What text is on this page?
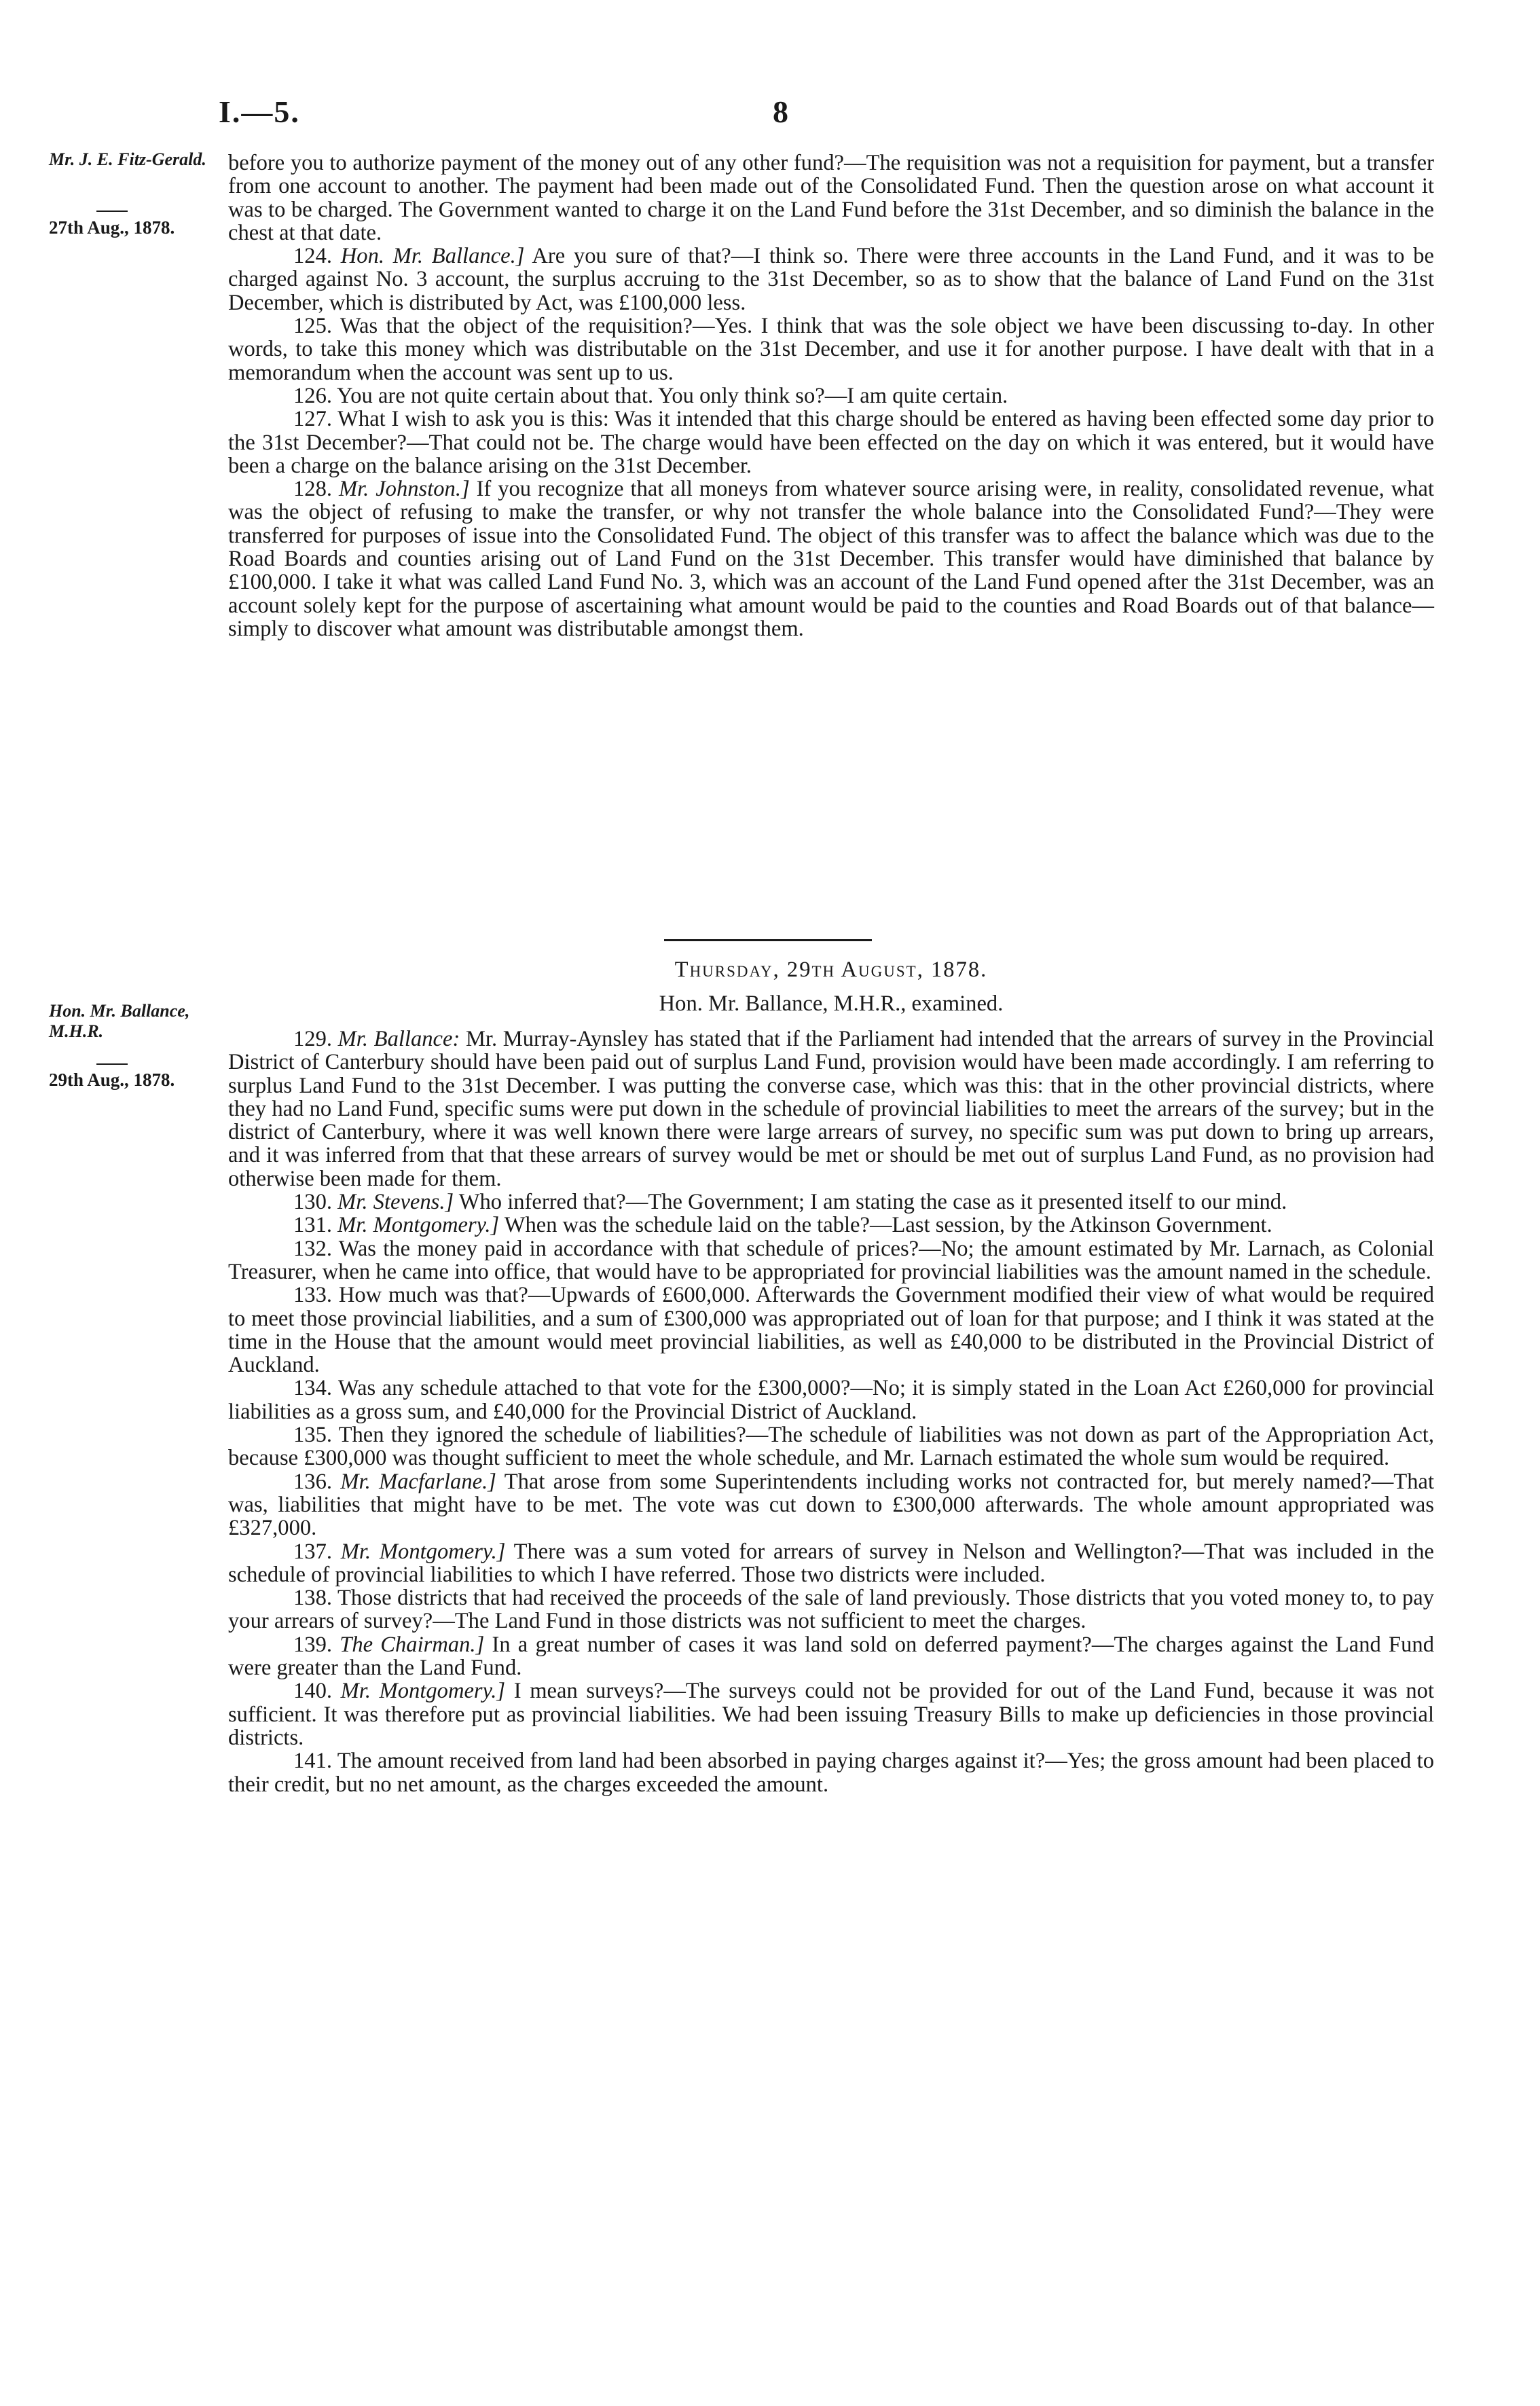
I.—5.	8
Mr. J. E. Fitz-Gerald.
27th Aug., 1878.
Hon. Mr. Ballance, M.H.R.
29th Aug., 1878.

before you to authorize payment of the money out of any other fund?—The requisition was not a requisition for payment, but a transfer from one account to another. The payment had been made out of the Consolidated Fund. Then the question arose on what account it was to be charged. The Government wanted to charge it on the Land Fund before the 31st December, and so diminish the balance in the chest at that date.

124. Hon. Mr. Ballance.] Are you sure of that?—I think so. There were three accounts in the Land Fund, and it was to be charged against No. 3 account, the surplus accruing to the 31st December, so as to show that the balance of Land Fund on the 31st December, which is distributed by Act, was £100,000 less.

125. Was that the object of the requisition?—Yes. I think that was the sole object we have been discussing to-day. In other words, to take this money which was distributable on the 31st December, and use it for another purpose. I have dealt with that in a memorandum when the account was sent up to us.

126. You are not quite certain about that. You only think so?—I am quite certain.

127. What I wish to ask you is this: Was it intended that this charge should be entered as having been effected some day prior to the 31st December?—That could not be. The charge would have been effected on the day on which it was entered, but it would have been a charge on the balance arising on the 31st December.

128. Mr. Johnston.] If you recognize that all moneys from whatever source arising were, in reality, consolidated revenue, what was the object of refusing to make the transfer, or why not transfer the whole balance into the Consolidated Fund?—They were transferred for purposes of issue into the Consolidated Fund. The object of this transfer was to affect the balance which was due to the Road Boards and counties arising out of Land Fund on the 31st December. This transfer would have diminished that balance by £100,000. I take it what was called Land Fund No. 3, which was an account of the Land Fund opened after the 31st December, was an account solely kept for the purpose of ascertaining what amount would be paid to the counties and Road Boards out of that balance—simply to discover what amount was distributable amongst them.

Thursday, 29th August, 1878.
Hon. Mr. Ballance, M.H.R., examined.

129. Mr. Ballance: Mr. Murray-Aynsley has stated that if the Parliament had intended that the arrears of survey in the Provincial District of Canterbury should have been paid out of surplus Land Fund, provision would have been made accordingly. I am referring to surplus Land Fund to the 31st December. I was putting the converse case, which was this: that in the other provincial districts, where they had no Land Fund, specific sums were put down in the schedule of provincial liabilities to meet the arrears of the survey; but in the district of Canterbury, where it was well known there were large arrears of survey, no specific sum was put down to bring up arrears, and it was inferred from that that these arrears of survey would be met or should be met out of surplus Land Fund, as no provision had otherwise been made for them.

130. Mr. Stevens.] Who inferred that?—The Government; I am stating the case as it presented itself to our mind.

131. Mr. Montgomery.] When was the schedule laid on the table?—Last session, by the Atkinson Government.

132. Was the money paid in accordance with that schedule of prices?—No; the amount estimated by Mr. Larnach, as Colonial Treasurer, when he came into office, that would have to be appropriated for provincial liabilities was the amount named in the schedule.

133. How much was that?—Upwards of £600,000. Afterwards the Government modified their view of what would be required to meet those provincial liabilities, and a sum of £300,000 was appropriated out of loan for that purpose; and I think it was stated at the time in the House that the amount would meet provincial liabilities, as well as £40,000 to be distributed in the Provincial District of Auckland.

134. Was any schedule attached to that vote for the £300,000?—No; it is simply stated in the Loan Act £260,000 for provincial liabilities as a gross sum, and £40,000 for the Provincial District of Auckland.

135. Then they ignored the schedule of liabilities?—The schedule of liabilities was not down as part of the Appropriation Act, because £300,000 was thought sufficient to meet the whole schedule, and Mr. Larnach estimated the whole sum would be required.

136. Mr. Macfarlane.] That arose from some Superintendents including works not contracted for, but merely named?—That was, liabilities that might have to be met. The vote was cut down to £300,000 afterwards. The whole amount appropriated was £327,000.

137. Mr. Montgomery.] There was a sum voted for arrears of survey in Nelson and Wellington?—That was included in the schedule of provincial liabilities to which I have referred. Those two districts were included.

138. Those districts that had received the proceeds of the sale of land previously. Those districts that you voted money to, to pay your arrears of survey?—The Land Fund in those districts was not sufficient to meet the charges.

139. The Chairman.] In a great number of cases it was land sold on deferred payment?—The charges against the Land Fund were greater than the Land Fund.

140. Mr. Montgomery.] I mean surveys?—The surveys could not be provided for out of the Land Fund, because it was not sufficient. It was therefore put as provincial liabilities. We had been issuing Treasury Bills to make up deficiencies in those provincial districts.

141. The amount received from land had been absorbed in paying charges against it?—Yes; the gross amount had been placed to their credit, but no net amount, as the charges exceeded the amount.
